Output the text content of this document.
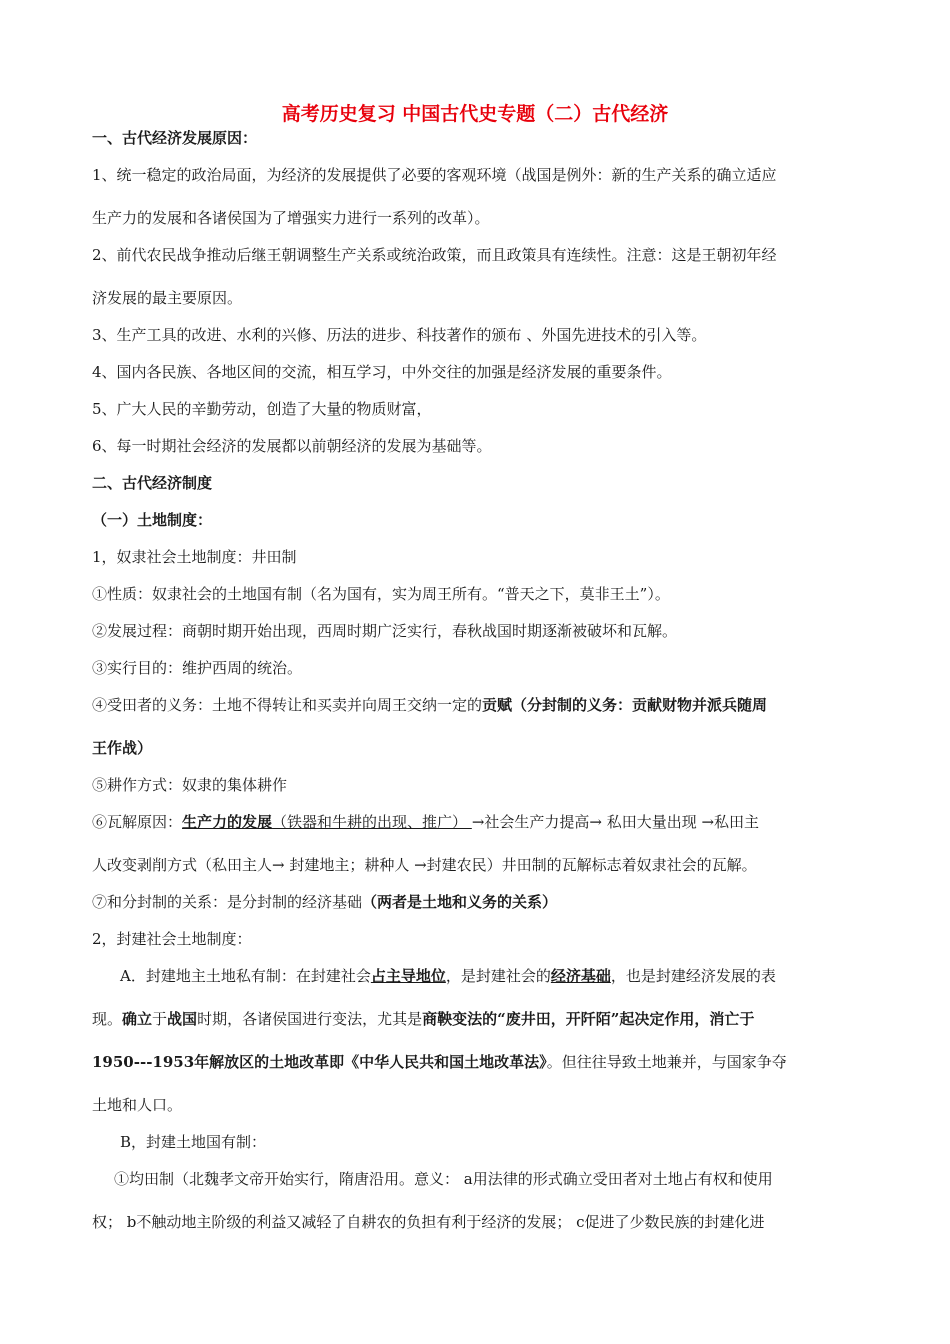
高考历史复习 中国古代史专题（二）古代经济
一、古代经济发展原因：
1、统一稳定的政治局面，为经济的发展提供了必要的客观环境（战国是例外：新的生产关系的确立适应
生产力的发展和各诸侯国为了增强实力进行一系列的改革）。
2、前代农民战争推动后继王朝调整生产关系或统治政策，而且政策具有连续性。注意：这是王朝初年经
济发展的最主要原因。
3、生产工具的改进、水利的兴修、历法的进步、科技著作的颁布 、外国先进技术的引入等。
4、国内各民族、各地区间的交流，相互学习，中外交往的加强是经济发展的重要条件。
5、广大人民的辛勤劳动，创造了大量的物质财富，
6、每一时期社会经济的发展都以前朝经济的发展为基础等。
二、古代经济制度
（一）土地制度：
1，奴隶社会土地制度：井田制
①性质：奴隶社会的土地国有制（名为国有，实为周王所有。“普天之下，莫非王土”）。
②发展过程：商朝时期开始出现，西周时期广泛实行，春秋战国时期逐渐被破坏和瓦解。
③实行目的：维护西周的统治。
④受田者的义务：土地不得转让和买卖并向周王交纳一定的贡赋（分封制的义务：贡献财物并派兵随周
王作战）
⑤耕作方式：奴隶的集体耕作
⑥瓦解原因：生产力的发展（铁器和牛耕的出现、推广） →社会生产力提高→ 私田大量出现 →私田主
人改变剥削方式（私田主人→ 封建地主；耕种人 →封建农民）井田制的瓦解标志着奴隶社会的瓦解。
⑦和分封制的关系：是分封制的经济基础（两者是土地和义务的关系）
2，封建社会土地制度：
A．封建地主土地私有制：在封建社会占主导地位，是封建社会的经济基础，也是封建经济发展的表
现。确立于战国时期，各诸侯国进行变法，尤其是商鞅变法的“废井田，开阡陌”起决定作用，消亡于
1950---1953年解放区的土地改革即《中华人民共和国土地改革法》。但往往导致土地兼并，与国家争夺
土地和人口。
B，封建土地国有制：
①均田制（北魏孝文帝开始实行，隋唐沿用。意义： a用法律的形式确立受田者对土地占有权和使用
权； b不触动地主阶级的利益又减轻了自耕农的负担有利于经济的发展； c促进了少数民族的封建化进
